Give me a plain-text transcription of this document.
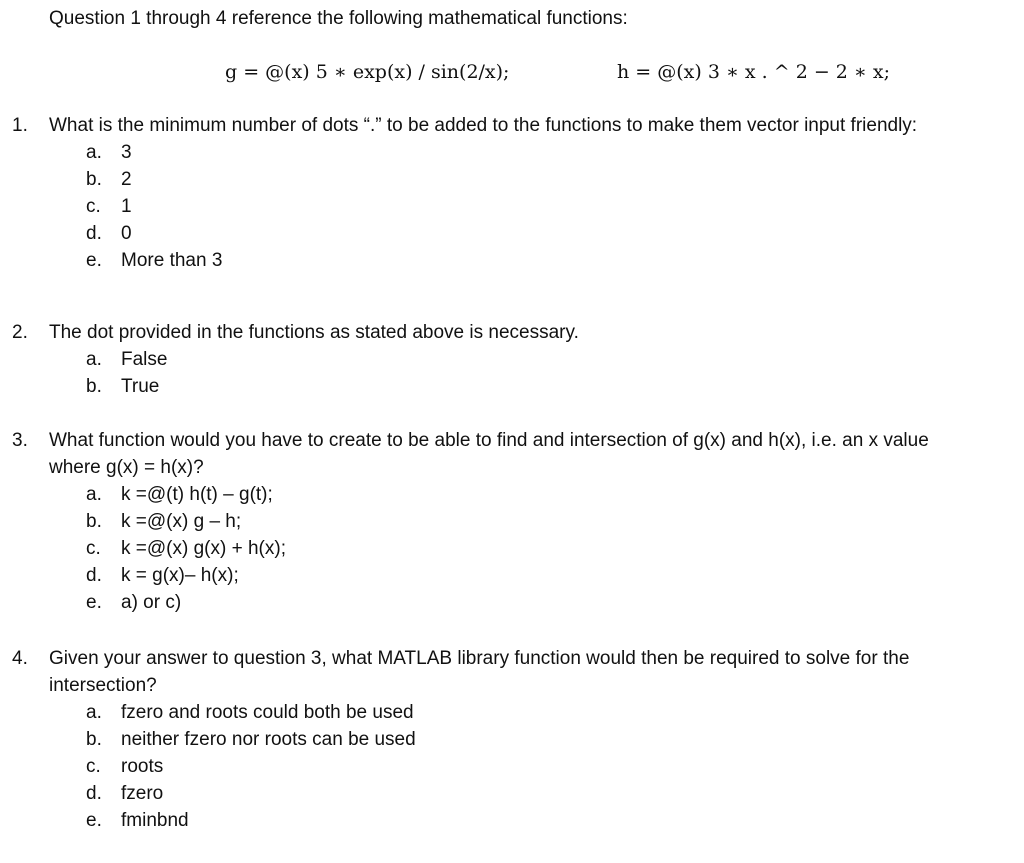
Question 1 through 4 reference the following mathematical functions:
g = @(x) 5 ∗ exp(x) / sin(2/x);	h = @(x) 3 ∗ x . ^ 2 − 2 ∗ x;
1. What is the minimum number of dots “.” to be added to the functions to make them vector input friendly:
a. 3
b. 2
c. 1
d. 0
e. More than 3
2. The dot provided in the functions as stated above is necessary.
a. False
b. True
3. What function would you have to create to be able to find and intersection of g(x) and h(x), i.e. an x value
where g(x) = h(x)?
a. k =@(t) h(t) – g(t);
b. k =@(x) g – h;
c. k =@(x) g(x) + h(x);
d. k = g(x)– h(x);
e. a) or c)
4. Given your answer to question 3, what MATLAB library function would then be required to solve for the
intersection?
a. fzero and roots could both be used
b. neither fzero nor roots can be used
c. roots
d. fzero
e. fminbnd
